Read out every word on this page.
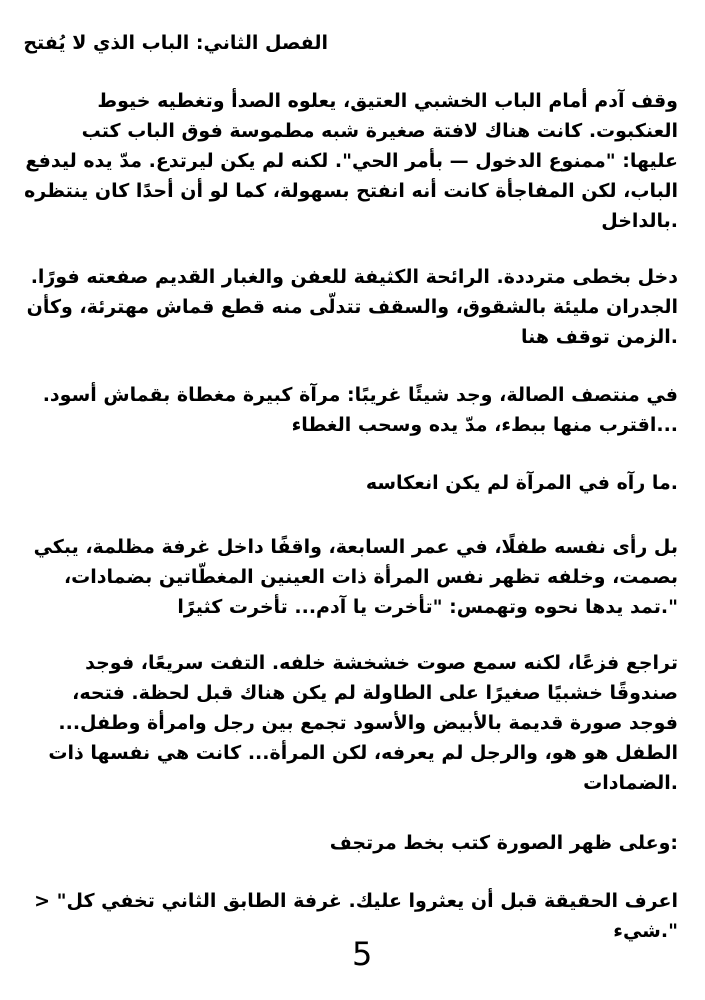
الفصل الثاني: الباب الذي لا يُفتح
وقف آدم أمام الباب الخشبي العتيق، يعلوه الصدأ وتغطيه خيوط
العنكبوت. كانت هناك لافتة صغيرة شبه مطموسة فوق الباب كتب
عليها: "ممنوع الدخول — بأمر الحي". لكنه لم يكن ليرتدع. مدّ يده ليدفع
الباب، لكن المفاجأة كانت أنه انفتح بسهولة، كما لو أن أحدًا كان ينتظره
.بالداخل
دخل بخطى مترددة. الرائحة الكثيفة للعفن والغبار القديم صفعته فورًا.
الجدران مليئة بالشقوق، والسقف تتدلّى منه قطع قماش مهترئة، وكأن
.الزمن توقف هنا
في منتصف الصالة، وجد شيئًا غريبًا: مرآة كبيرة مغطاة بقماش أسود.
...اقترب منها ببطء، مدّ يده وسحب الغطاء
.ما رآه في المرآة لم يكن انعكاسه
بل رأى نفسه طفلًا، في عمر السابعة، واقفًا داخل غرفة مظلمة، يبكي
بصمت، وخلفه تظهر نفس المرأة ذات العينين المغطّاتين بضمادات،
".تمد يدها نحوه وتهمس: "تأخرت يا آدم... تأخرت كثيرًا
تراجع فزعًا، لكنه سمع صوت خشخشة خلفه. التفت سريعًا، فوجد
صندوقًا خشبيًا صغيرًا على الطاولة لم يكن هناك قبل لحظة. فتحه،
فوجد صورة قديمة بالأبيض والأسود تجمع بين رجل وامرأة وطفل...
الطفل هو هو، والرجل لم يعرفه، لكن المرأة... كانت هي نفسها ذات
.الضمادات
:وعلى ظهر الصورة كتب بخط مرتجف
اعرف الحقيقة قبل أن يعثروا عليك. غرفة الطابق الثاني تخفي كل" <
".شيء
5
